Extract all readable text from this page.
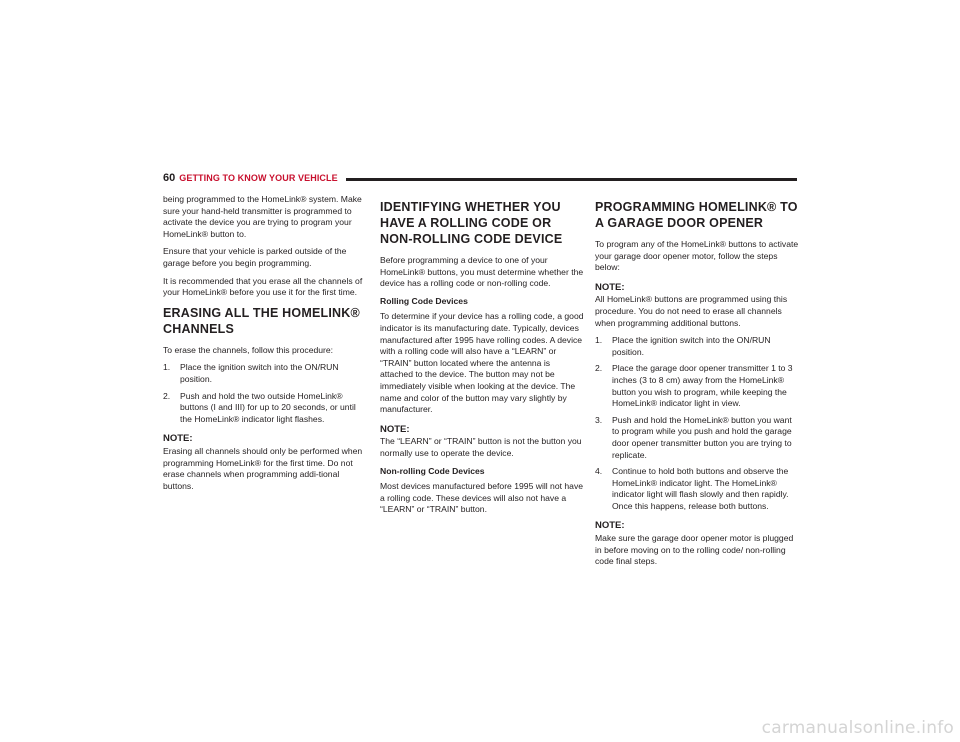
60 GETTING TO KNOW YOUR VEHICLE

being programmed to the HomeLink® system. Make sure your hand-held transmitter is programmed to activate the device you are trying to program your HomeLink® button to.

Ensure that your vehicle is parked outside of the garage before you begin programming.

It is recommended that you erase all the channels of your HomeLink® before you use it for the first time.

ERASING ALL THE HOMELINK® CHANNELS

To erase the channels, follow this procedure:

1.	Place the ignition switch into the ON/RUN position.
2.	Push and hold the two outside HomeLink® buttons (I and III) for up to 20 seconds, or until the HomeLink® indicator light flashes.
NOTE:

Erasing all channels should only be performed when programming HomeLink® for the first time. Do not erase channels when programming addi-tional buttons.

IDENTIFYING WHETHER YOU HAVE A ROLLING CODE OR NON-ROLLING CODE DEVICE

Before programming a device to one of your HomeLink® buttons, you must determine whether the device has a rolling code or non-rolling code.

Rolling Code Devices

To determine if your device has a rolling code, a good indicator is its manufacturing date. Typically, devices manufactured after 1995 have rolling codes. A device with a rolling code will also have a “LEARN” or “TRAIN” button located where the antenna is attached to the device. The button may not be immediately visible when looking at the device. The name and color of the button may vary slightly by manufacturer.

NOTE:

The “LEARN” or “TRAIN” button is not the button you normally use to operate the device.

Non-rolling Code Devices

Most devices manufactured before 1995 will not have a rolling code. These devices will also not have a “LEARN” or “TRAIN” button.

PROGRAMMING HOMELINK® TO A GARAGE DOOR OPENER

To program any of the HomeLink® buttons to activate your garage door opener motor, follow the steps below:

NOTE:

All HomeLink® buttons are programmed using this procedure. You do not need to erase all channels when programming additional buttons.

1.	Place the ignition switch into the ON/RUN position.
2.	Place the garage door opener transmitter 1 to 3 inches (3 to 8 cm) away from the HomeLink® button you wish to program, while keeping the HomeLink® indicator light in view.
3.	Push and hold the HomeLink® button you want to program while you push and hold the garage door opener transmitter button you are trying to replicate.
4.	Continue to hold both buttons and observe the HomeLink® indicator light. The HomeLink® indicator light will flash slowly and then rapidly. Once this happens, release both buttons.
NOTE:

Make sure the garage door opener motor is plugged in before moving on to the rolling code/ non-rolling code final steps.

carmanualsonline.info
